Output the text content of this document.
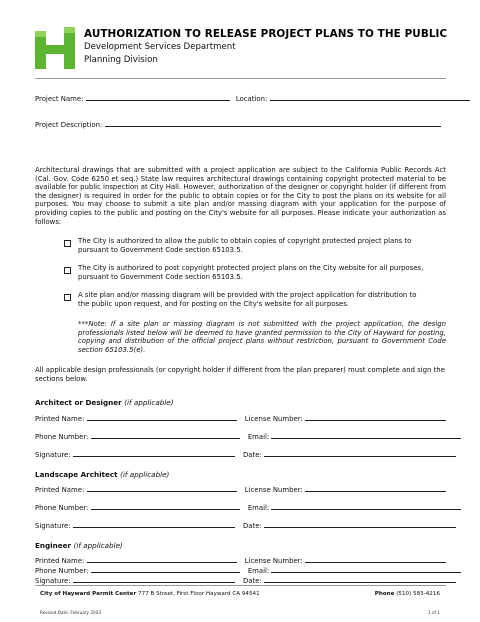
AUTHORIZATION TO RELEASE PROJECT PLANS TO THE PUBLIC
Development Services Department
Planning Division
Project Name:	Location:
Project Description:
Architectural drawings that are submitted with a project application are subject to the California Public Records Act (Cal. Gov. Code 6250 et seq.) State law requires architectural drawings containing copyright protected material to be available for public inspection at City Hall. However, authorization of the designer or copyright holder (if different from the designer) is required in order for the public to obtain copies or for the City to post the plans on its website for all purposes. You may choose to submit a site plan and/or massing diagram with your application for the purpose of providing copies to the public and posting on the City's website for all purposes. Please indicate your authorization as follows:
The City is authorized to allow the public to obtain copies of copyright protected project plans to
pursuant to Government Code section 65103.5.
The City is authorized to post copyright protected project plans on the City website for all purposes,
pursuant to Government Code section 65103.5.
A site plan and/or massing diagram will be provided with the project application for distribution to
the public upon request, and for posting on the City's website for all purposes.
***Note: If a site plan or massing diagram is not submitted with the project application, the design professionals listed below will be deemed to have granted permission to the City of Hayward for posting, copying and distribution of the official project plans without restriction, pursuant to Government Code section 65103.5(e).
All applicable design professionals (or copyright holder if different from the plan preparer) must complete and sign the sections below.
Architect or Designer (if applicable)
Printed Name:	License Number:
Phone Number:	Email:
Signature:	Date:
Landscape Architect (if applicable)
Printed Name:	License Number:
Phone Number:	Email:
Signature:	Date:
Engineer (if applicable)
Printed Name:	License Number:
Phone Number:	Email:
Signature:	Date:
City of Hayward Permit Center 777 B Street, First Floor Hayward CA 94541	Phone (510) 583-4216
Revised Date: February 2023	1 of 1
